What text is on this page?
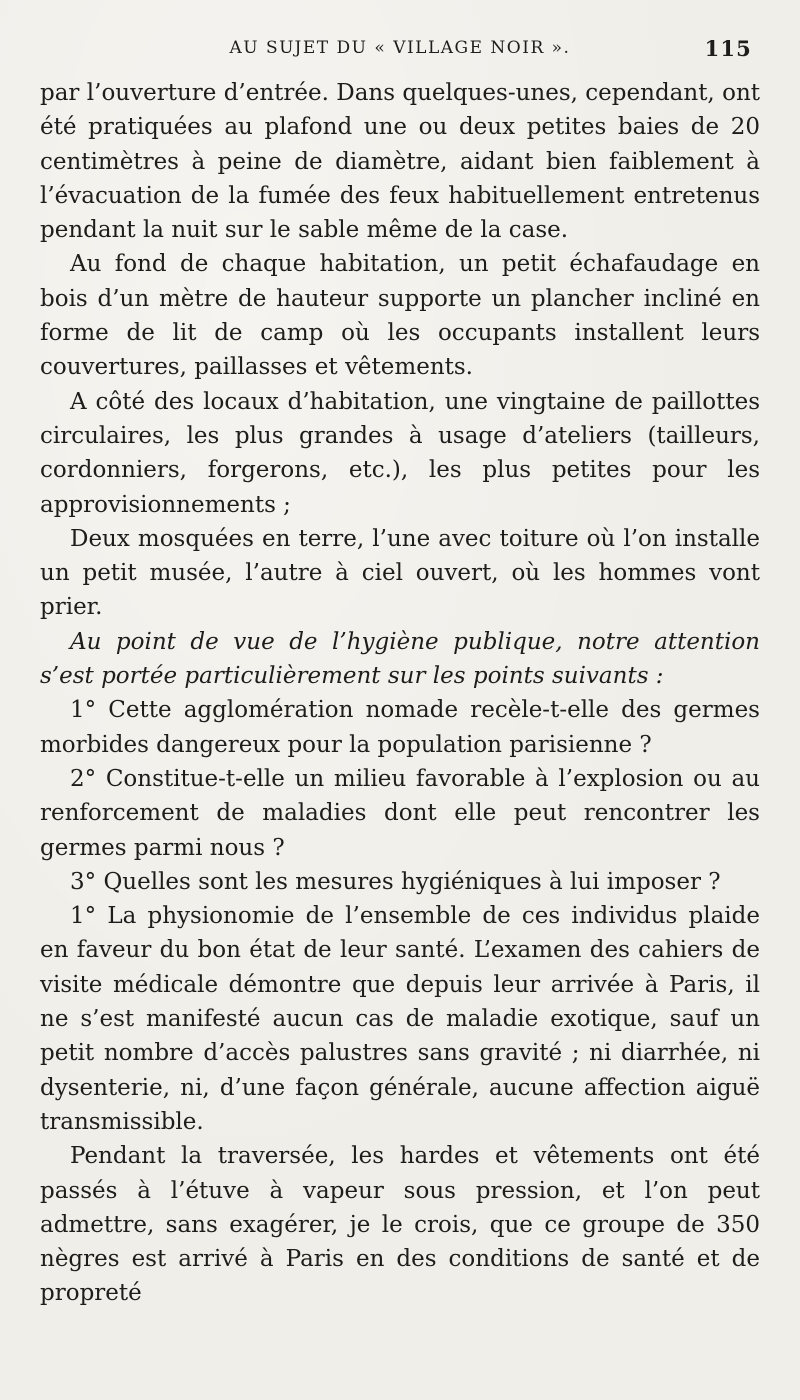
AU SUJET DU « VILLAGE NOIR ».	115

par l’ouverture d’entrée. Dans quelques-unes, cependant, ont été pratiquées au plafond une ou deux petites baies de 20 centimètres à peine de diamètre, aidant bien faiblement à l’évacuation de la fumée des feux habituellement entretenus pendant la nuit sur le sable même de la case.

Au fond de chaque habitation, un petit échafaudage en bois d’un mètre de hauteur supporte un plancher incliné en forme de lit de camp où les occupants installent leurs couvertures, paillasses et vêtements.

A côté des locaux d’habitation, une vingtaine de paillottes circulaires, les plus grandes à usage d’ateliers (tailleurs, cordonniers, forgerons, etc.), les plus petites pour les approvisionnements ;

Deux mosquées en terre, l’une avec toiture où l’on installe un petit musée, l’autre à ciel ouvert, où les hommes vont prier.

Au point de vue de l’hygiène publique, notre attention s’est portée particulièrement sur les points suivants :

1° Cette agglomération nomade recèle-t-elle des germes morbides dangereux pour la population parisienne ?

2° Constitue-t-elle un milieu favorable à l’explosion ou au renforcement de maladies dont elle peut rencontrer les germes parmi nous ?

3° Quelles sont les mesures hygiéniques à lui imposer ?

1° La physionomie de l’ensemble de ces individus plaide en faveur du bon état de leur santé. L’examen des cahiers de visite médicale démontre que depuis leur arrivée à Paris, il ne s’est manifesté aucun cas de maladie exotique, sauf un petit nombre d’accès palustres sans gravité ; ni diarrhée, ni dysenterie, ni, d’une façon générale, aucune affection aiguë transmissible.

Pendant la traversée, les hardes et vêtements ont été passés à l’étuve à vapeur sous pression, et l’on peut admettre, sans exagérer, je le crois, que ce groupe de 350 nègres est arrivé à Paris en des conditions de santé et de propreté
